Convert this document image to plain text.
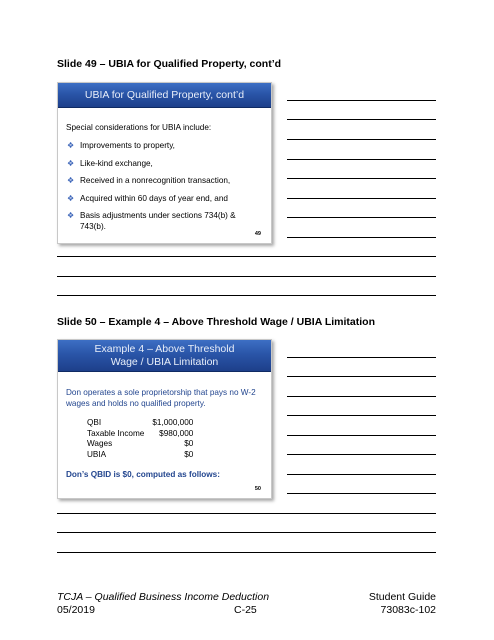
Slide 49 – UBIA for Qualified Property, cont’d
UBIA for Qualified Property, cont’d

Special considerations for UBIA include:

❖ Improvements to property,
❖ Like-kind exchange,
❖ Received in a nonrecognition transaction,
❖ Acquired within 60 days of year end, and
❖ Basis adjustments under sections 734(b) & 743(b).
49
Slide 50 – Example 4 – Above Threshold Wage / UBIA Limitation
Example 4 – Above Threshold
Wage / UBIA Limitation

Don operates a sole proprietorship that pays no W-2 wages and holds no qualified property.

QBI	$1,000,000
Taxable Income	$980,000
Wages	$0
UBIA	$0

Don’s QBID is $0, computed as follows:

50
TCJA – Qualified Business Income Deduction
05/2019	C-25
Student Guide
73083c-102
